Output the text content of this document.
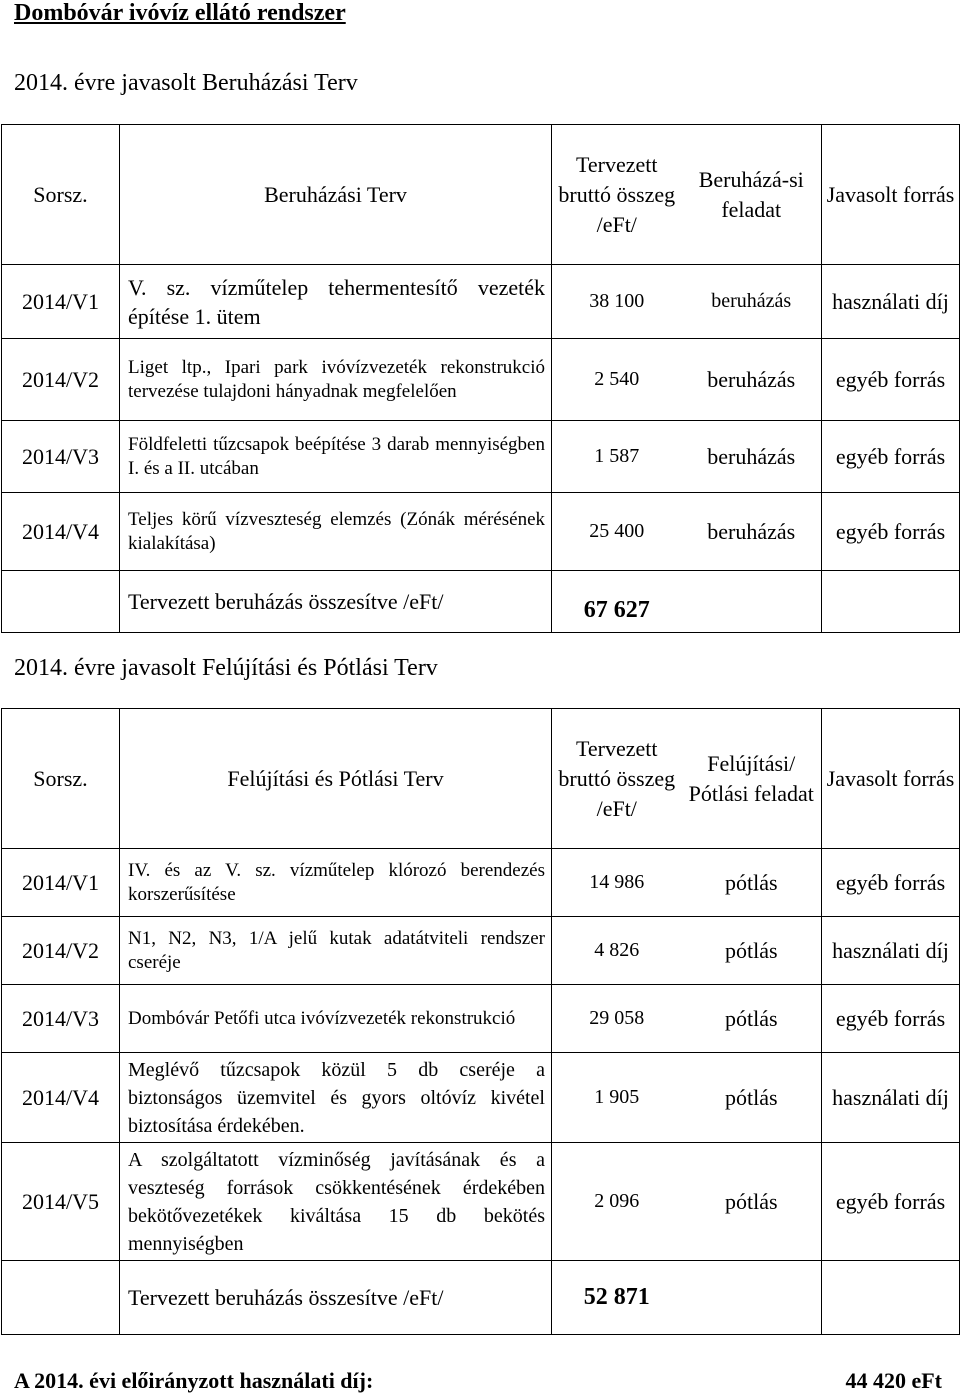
Dombóvár ivóvíz ellátó rendszer
2014. évre javasolt Beruházási Terv
Sorsz.	Beruházási Terv	Tervezett bruttó összeg /eFt/	Beruházá-si feladat	Javasolt forrás
2014/V1	V. sz. vízműtelep tehermentesítő vezeték építése 1. ütem	38 100	beruházás	használati díj
2014/V2	Liget ltp., Ipari park ivóvízvezeték rekonstrukció tervezése tulajdoni hányadnak megfelelően	2 540	beruházás	egyéb forrás
2014/V3	Földfeletti tűzcsapok beépítése 3 darab mennyiségben I. és a II. utcában	1 587	beruházás	egyéb forrás
2014/V4	Teljes körű vízveszteség elemzés (Zónák mérésének kialakítása)	25 400	beruházás	egyéb forrás
	Tervezett beruházás összesítve /eFt/	67 627		
2014. évre javasolt Felújítási és Pótlási Terv
Sorsz.	Felújítási és Pótlási Terv	Tervezett bruttó összeg /eFt/	Felújítási/ Pótlási feladat	Javasolt forrás
2014/V1	IV. és az V. sz. vízműtelep klórozó berendezés korszerűsítése	14 986	pótlás	egyéb forrás
2014/V2	N1, N2, N3, 1/A jelű kutak adatátviteli rendszer cseréje	4 826	pótlás	használati díj
2014/V3	Dombóvár Petőfi utca ivóvízvezeték rekonstrukció	29 058	pótlás	egyéb forrás
2014/V4	Meglévő tűzcsapok közül 5 db cseréje a biztonságos üzemvitel és gyors oltóvíz kivétel biztosítása érdekében.	1 905	pótlás	használati díj
2014/V5	A szolgáltatott vízminőség javításának és a veszteség források csökkentésének érdekében bekötővezetékek kiváltása 15 db bekötés mennyiségben	2 096	pótlás	egyéb forrás
	Tervezett beruházás összesítve /eFt/	52 871		
A 2014. évi előirányzott használati díj:	44 420 eFt
